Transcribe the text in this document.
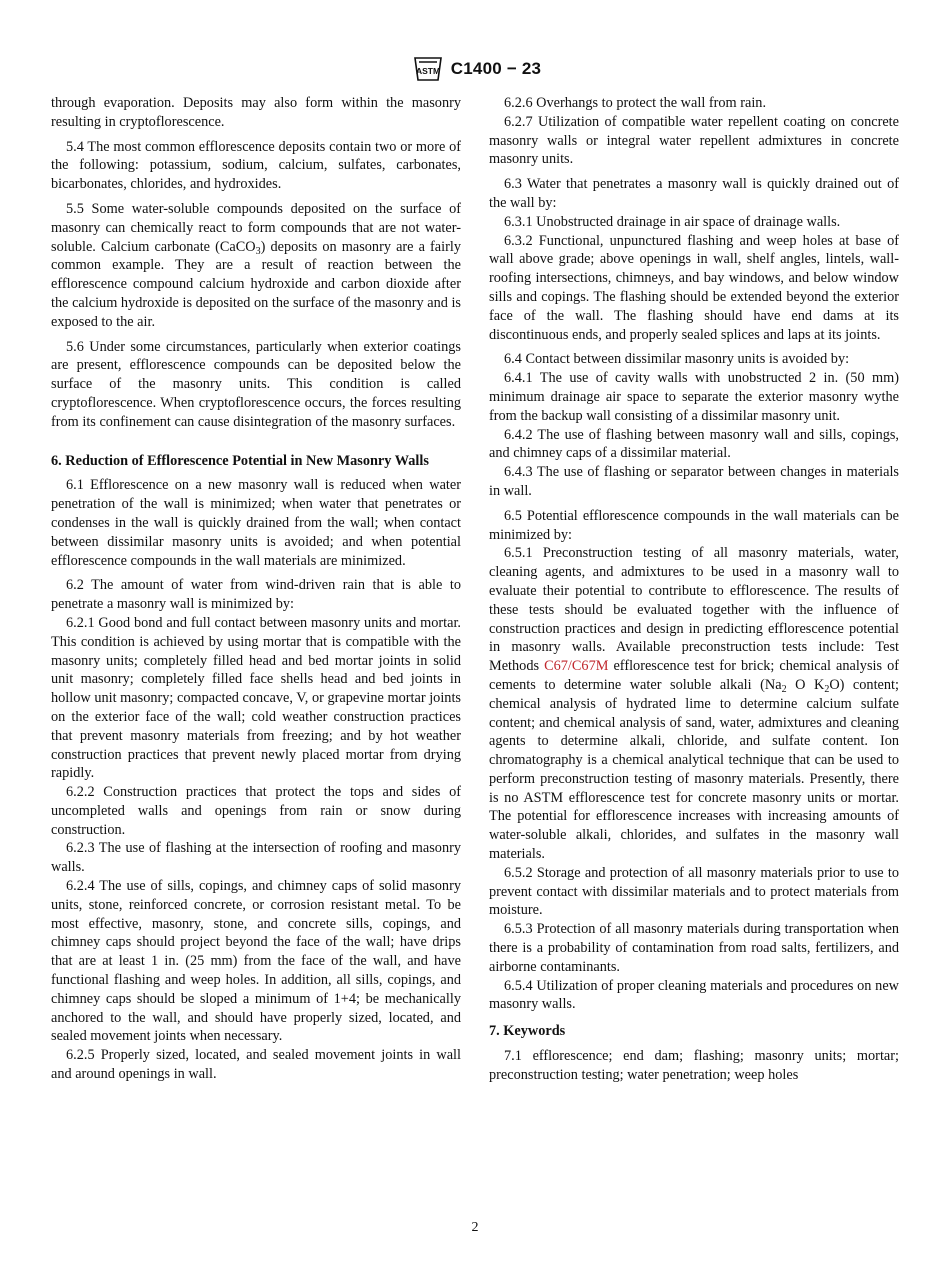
ASTM C1400 − 23

through evaporation. Deposits may also form within the masonry resulting in cryptoflorescence.

5.4 The most common efflorescence deposits contain two or more of the following: potassium, sodium, calcium, sulfates, carbonates, bicarbonates, chlorides, and hydroxides.

5.5 Some water-soluble compounds deposited on the surface of masonry can chemically react to form compounds that are not water-soluble. Calcium carbonate (CaCO$_3$) deposits on masonry are a fairly common example. They are a result of reaction between the efflorescence compound calcium hydroxide and carbon dioxide after the calcium hydroxide is deposited on the surface of the masonry and is exposed to the air.

5.6 Under some circumstances, particularly when exterior coatings are present, efflorescence compounds can be deposited below the surface of the masonry units. This condition is called cryptoflorescence. When cryptoflorescence occurs, the forces resulting from its confinement can cause disintegration of the masonry surfaces.

6. Reduction of Efflorescence Potential in New Masonry Walls

6.1 Efflorescence on a new masonry wall is reduced when water penetration of the wall is minimized; when water that penetrates or condenses in the wall is quickly drained from the wall; when contact between dissimilar masonry units is avoided; and when potential efflorescence compounds in the wall materials are minimized.

6.2 The amount of water from wind-driven rain that is able to penetrate a masonry wall is minimized by:

6.2.1 Good bond and full contact between masonry units and mortar. This condition is achieved by using mortar that is compatible with the masonry units; completely filled head and bed mortar joints in solid unit masonry; completely filled face shells head and bed joints in hollow unit masonry; compacted concave, V, or grapevine mortar joints on the exterior face of the wall; cold weather construction practices that prevent masonry materials from freezing; and by hot weather construction practices that prevent newly placed mortar from drying rapidly.

6.2.2 Construction practices that protect the tops and sides of uncompleted walls and openings from rain or snow during construction.

6.2.3 The use of flashing at the intersection of roofing and masonry walls.

6.2.4 The use of sills, copings, and chimney caps of solid masonry units, stone, reinforced concrete, or corrosion resistant metal. To be most effective, masonry, stone, and concrete sills, copings, and chimney caps should project beyond the face of the wall; have drips that are at least 1 in. (25 mm) from the face of the wall, and have functional flashing and weep holes. In addition, all sills, copings, and chimney caps should be sloped a minimum of 1+4; be mechanically anchored to the wall, and should have properly sized, located, and sealed movement joints when necessary.

6.2.5 Properly sized, located, and sealed movement joints in wall and around openings in wall.

6.2.6 Overhangs to protect the wall from rain.

6.2.7 Utilization of compatible water repellent coating on concrete masonry walls or integral water repellent admixtures in concrete masonry units.

6.3 Water that penetrates a masonry wall is quickly drained out of the wall by:

6.3.1 Unobstructed drainage in air space of drainage walls.

6.3.2 Functional, unpunctured flashing and weep holes at base of wall above grade; above openings in wall, shelf angles, lintels, wall-roofing intersections, chimneys, and bay windows, and below window sills and copings. The flashing should be extended beyond the exterior face of the wall. The flashing should have end dams at its discontinuous ends, and properly sealed splices and laps at its joints.

6.4 Contact between dissimilar masonry units is avoided by:

6.4.1 The use of cavity walls with unobstructed 2 in. (50 mm) minimum drainage air space to separate the exterior masonry wythe from the backup wall consisting of a dissimilar masonry unit.

6.4.2 The use of flashing between masonry wall and sills, copings, and chimney caps of a dissimilar material.

6.4.3 The use of flashing or separator between changes in materials in wall.

6.5 Potential efflorescence compounds in the wall materials can be minimized by:

6.5.1 Preconstruction testing of all masonry materials, water, cleaning agents, and admixtures to be used in a masonry wall to evaluate their potential to contribute to efflorescence. The results of these tests should be evaluated together with the influence of construction practices and design in predicting efflorescence potential in masonry walls. Available preconstruction tests include: Test Methods C67/C67M efflorescence test for brick; chemical analysis of cements to determine water soluble alkali ($Na_2$ O $K_2O$) content; chemical analysis of hydrated lime to determine calcium sulfate content; and chemical analysis of sand, water, admixtures and cleaning agents to determine alkali, chloride, and sulfate content. Ion chromatography is a chemical analytical technique that can be used to perform preconstruction testing of masonry materials. Presently, there is no ASTM efflorescence test for concrete masonry units or mortar. The potential for efflorescence increases with increasing amounts of water-soluble alkali, chlorides, and sulfates in the masonry wall materials.

6.5.2 Storage and protection of all masonry materials prior to use to prevent contact with dissimilar materials and to protect materials from moisture.

6.5.3 Protection of all masonry materials during transportation when there is a probability of contamination from road salts, fertilizers, and airborne contaminants.

6.5.4 Utilization of proper cleaning materials and procedures on new masonry walls.

7. Keywords

7.1 efflorescence; end dam; flashing; masonry units; mortar; preconstruction testing; water penetration; weep holes

2
